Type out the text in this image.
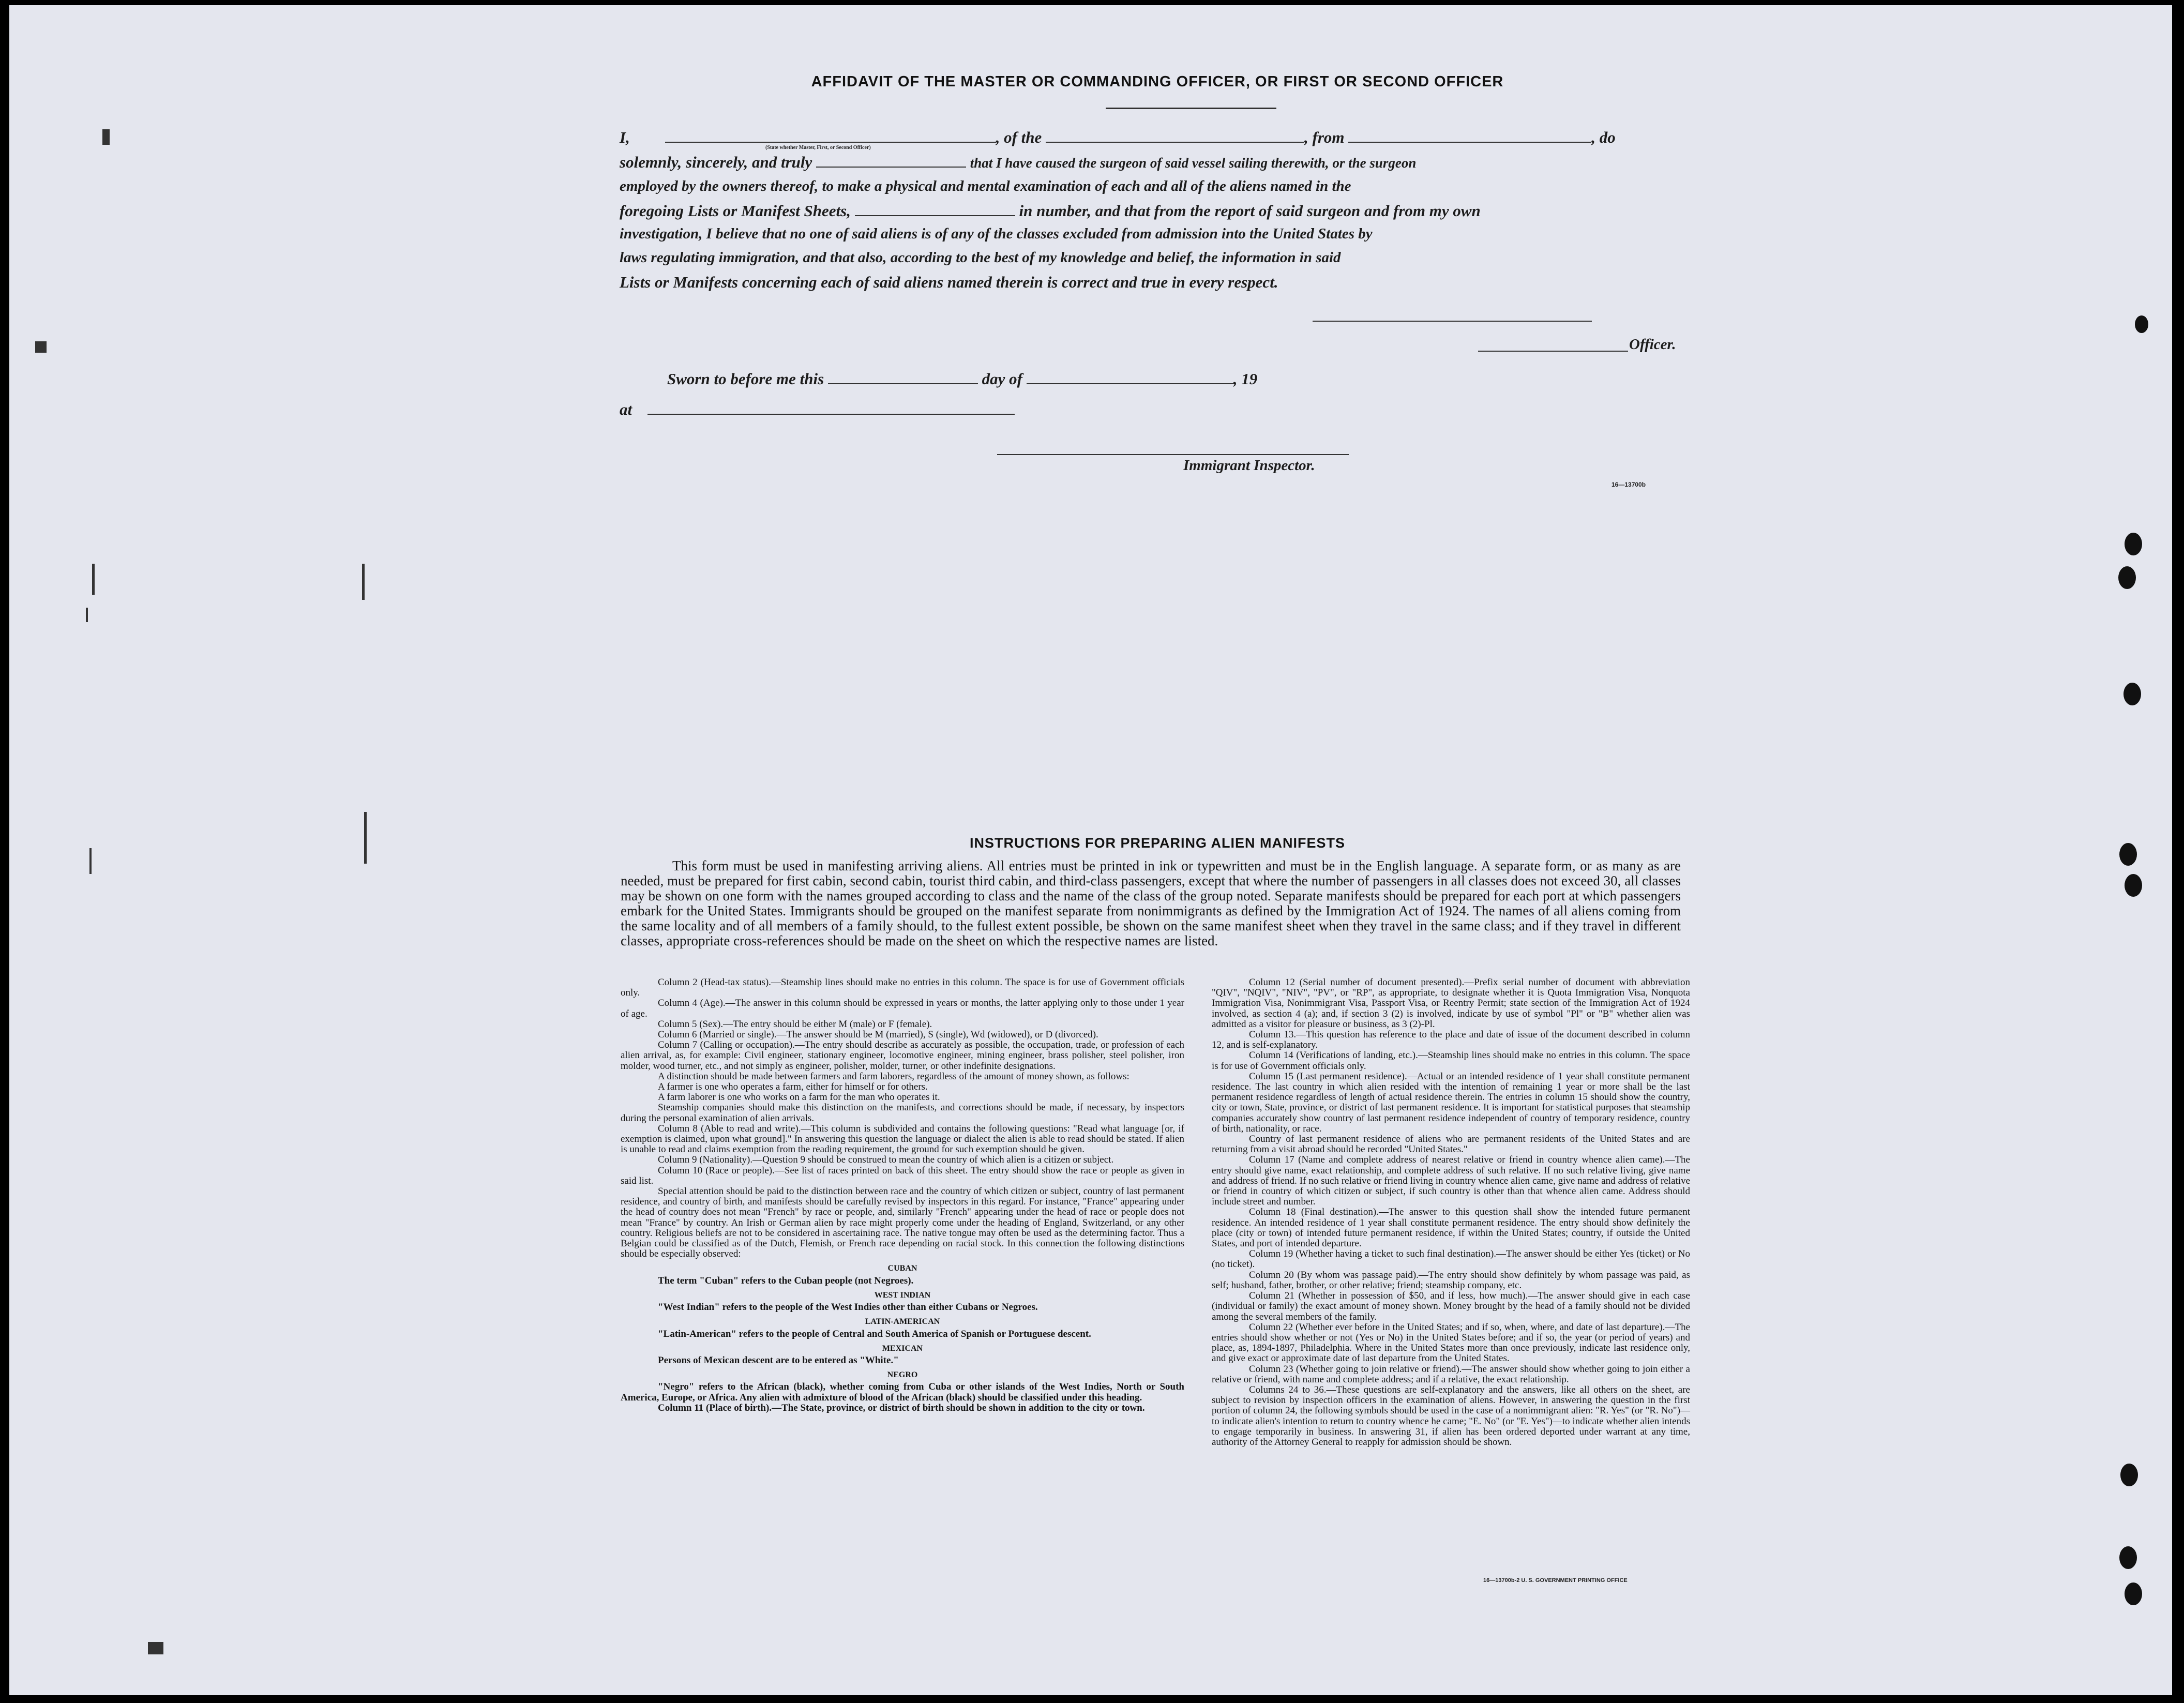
AFFIDAVIT OF THE MASTER OR COMMANDING OFFICER, OR FIRST OR SECOND OFFICER
I,	, of the	, from	, do
(State whether Master, First, or Second Officer)
solemnly, sincerely, and truly	that I have caused the surgeon of said vessel sailing therewith, or the surgeon
employed by the owners thereof, to make a physical and mental examination of each and all of the aliens named in the
foregoing Lists or Manifest Sheets,	in number, and that from the report of said surgeon and from my own
investigation, I believe that no one of said aliens is of any of the classes excluded from admission into the United States by
laws regulating immigration, and that also, according to the best of my knowledge and belief, the information in said
Lists or Manifests concerning each of said aliens named therein is correct and true in every respect.
Officer.
Sworn to before me this	day of	, 19
at
Immigrant Inspector.
16—13700b
INSTRUCTIONS FOR PREPARING ALIEN MANIFESTS
This form must be used in manifesting arriving aliens. All entries must be printed in ink or typewritten and must be in the English language. A separate form, or as many as are needed, must be prepared for first cabin, second cabin, tourist third cabin, and third-class passengers, except that where the number of passengers in all classes does not exceed 30, all classes may be shown on one form with the names grouped according to class and the name of the class of the group noted. Separate manifests should be prepared for each port at which passengers embark for the United States. Immigrants should be grouped on the manifest separate from nonimmigrants as defined by the Immigration Act of 1924. The names of all aliens coming from the same locality and of all members of a family should, to the fullest extent possible, be shown on the same manifest sheet when they travel in the same class; and if they travel in different classes, appropriate cross-references should be made on the sheet on which the respective names are listed.

Column 2 (Head-tax status).—Steamship lines should make no entries in this column. The space is for use of Government officials only.

Column 4 (Age).—The answer in this column should be expressed in years or months, the latter applying only to those under 1 year of age.

Column 5 (Sex).—The entry should be either M (male) or F (female).

Column 6 (Married or single).—The answer should be M (married), S (single), Wd (widowed), or D (divorced).

Column 7 (Calling or occupation).—The entry should describe as accurately as possible, the occupation, trade, or profession of each alien arrival, as, for example: Civil engineer, stationary engineer, locomotive engineer, mining engineer, brass polisher, steel polisher, iron molder, wood turner, etc., and not simply as engineer, polisher, molder, turner, or other indefinite designations.

A distinction should be made between farmers and farm laborers, regardless of the amount of money shown, as follows:

A farmer is one who operates a farm, either for himself or for others.

A farm laborer is one who works on a farm for the man who operates it.

Steamship companies should make this distinction on the manifests, and corrections should be made, if necessary, by inspectors during the personal examination of alien arrivals.

Column 8 (Able to read and write).—This column is subdivided and contains the following questions: "Read what language [or, if exemption is claimed, upon what ground]." In answering this question the language or dialect the alien is able to read should be stated. If alien is unable to read and claims exemption from the reading requirement, the ground for such exemption should be given.

Column 9 (Nationality).—Question 9 should be construed to mean the country of which alien is a citizen or subject.

Column 10 (Race or people).—See list of races printed on back of this sheet. The entry should show the race or people as given in said list.

Special attention should be paid to the distinction between race and the country of which citizen or subject, country of last permanent residence, and country of birth, and manifests should be carefully revised by inspectors in this regard. For instance, "France" appearing under the head of country does not mean "French" by race or people, and, similarly "French" appearing under the head of race or people does not mean "France" by country. An Irish or German alien by race might properly come under the heading of England, Switzerland, or any other country. Religious beliefs are not to be considered in ascertaining race. The native tongue may often be used as the determining factor. Thus a Belgian could be classified as of the Dutch, Flemish, or French race depending on racial stock. In this connection the following distinctions should be especially observed:

CUBAN

The term "Cuban" refers to the Cuban people (not Negroes).

WEST INDIAN

"West Indian" refers to the people of the West Indies other than either Cubans or Negroes.

LATIN-AMERICAN

"Latin-American" refers to the people of Central and South America of Spanish or Portuguese descent.

MEXICAN

Persons of Mexican descent are to be entered as "White."

NEGRO

"Negro" refers to the African (black), whether coming from Cuba or other islands of the West Indies, North or South America, Europe, or Africa. Any alien with admixture of blood of the African (black) should be classified under this heading.

Column 11 (Place of birth).—The State, province, or district of birth should be shown in addition to the city or town.

Column 12 (Serial number of document presented).—Prefix serial number of document with abbreviation "QIV", "NQIV", "NIV", "PV", or "RP", as appropriate, to designate whether it is Quota Immigration Visa, Nonquota Immigration Visa, Nonimmigrant Visa, Passport Visa, or Reentry Permit; state section of the Immigration Act of 1924 involved, as section 4 (a); and, if section 3 (2) is involved, indicate by use of symbol "Pl" or "B" whether alien was admitted as a visitor for pleasure or business, as 3 (2)-Pl.

Column 13.—This question has reference to the place and date of issue of the document described in column 12, and is self-explanatory.

Column 14 (Verifications of landing, etc.).—Steamship lines should make no entries in this column. The space is for use of Government officials only.

Column 15 (Last permanent residence).—Actual or an intended residence of 1 year shall constitute permanent residence. The last country in which alien resided with the intention of remaining 1 year or more shall be the last permanent residence regardless of length of actual residence therein. The entries in column 15 should show the country, city or town, State, province, or district of last permanent residence. It is important for statistical purposes that steamship companies accurately show country of last permanent residence independent of country of temporary residence, country of birth, nationality, or race.

Country of last permanent residence of aliens who are permanent residents of the United States and are returning from a visit abroad should be recorded "United States."

Column 17 (Name and complete address of nearest relative or friend in country whence alien came).—The entry should give name, exact relationship, and complete address of such relative. If no such relative living, give name and address of friend. If no such relative or friend living in country whence alien came, give name and address of relative or friend in country of which citizen or subject, if such country is other than that whence alien came. Address should include street and number.

Column 18 (Final destination).—The answer to this question shall show the intended future permanent residence. An intended residence of 1 year shall constitute permanent residence. The entry should show definitely the place (city or town) of intended future permanent residence, if within the United States; country, if outside the United States, and port of intended departure.

Column 19 (Whether having a ticket to such final destination).—The answer should be either Yes (ticket) or No (no ticket).

Column 20 (By whom was passage paid).—The entry should show definitely by whom passage was paid, as self; husband, father, brother, or other relative; friend; steamship company, etc.

Column 21 (Whether in possession of $50, and if less, how much).—The answer should give in each case (individual or family) the exact amount of money shown. Money brought by the head of a family should not be divided among the several members of the family.

Column 22 (Whether ever before in the United States; and if so, when, where, and date of last departure).—The entries should show whether or not (Yes or No) in the United States before; and if so, the year (or period of years) and place, as, 1894-1897, Philadelphia. Where in the United States more than once previously, indicate last residence only, and give exact or approximate date of last departure from the United States.

Column 23 (Whether going to join relative or friend).—The answer should show whether going to join either a relative or friend, with name and complete address; and if a relative, the exact relationship.

Columns 24 to 36.—These questions are self-explanatory and the answers, like all others on the sheet, are subject to revision by inspection officers in the examination of aliens. However, in answering the question in the first portion of column 24, the following symbols should be used in the case of a nonimmigrant alien: "R. Yes" (or "R. No")—to indicate alien's intention to return to country whence he came; "E. No" (or "E. Yes")—to indicate whether alien intends to engage temporarily in business. In answering 31, if alien has been ordered deported under warrant at any time, authority of the Attorney General to reapply for admission should be shown.

16—13700b-2 U. S. GOVERNMENT PRINTING OFFICE
